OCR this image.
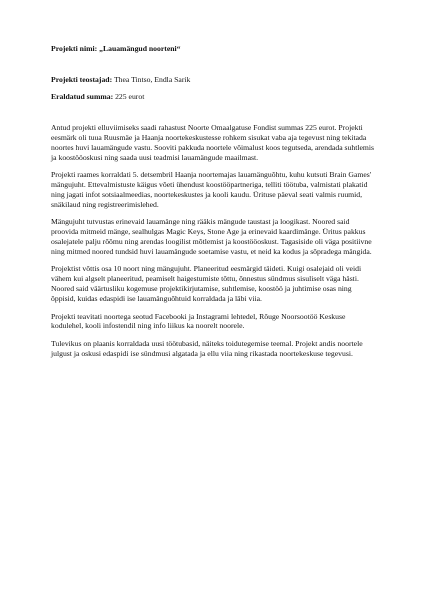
Projekti nimi: „Lauamängud noorteni“

Projekti teostajad: Thea Tintso, Endla Sarik

Eraldatud summa: 225 eurot

Antud projekti elluviimiseks saadi rahastust Noorte Omaalgatuse Fondist summas 225 eurot. Projekti eesmärk oli tuua Ruusmäe ja Haanja noortekeskustesse rohkem sisukat vaba aja tegevust ning tekitada noortes huvi lauamängude vastu. Sooviti pakkuda noortele võimalust koos tegutseda, arendada suhtlemis ja koostööoskusi ning saada uusi teadmisi lauamängude maailmast.

Projekti raames korraldati 5. detsembril Haanja noortemajas lauamänguõhtu, kuhu kutsuti Brain Games' mängujuht. Ettevalmistuste käigus võeti ühendust koostööpartneriga, telliti töötuba, valmistati plakatid ning jagati infot sotsiaalmeedias, noortekeskustes ja kooli kaudu. Ürituse päeval seati valmis ruumid, snäkilaud ning registreerimislehed.

Mängujuht tutvustas erinevaid lauamänge ning rääkis mängude taustast ja loogikast. Noored said proovida mitmeid mänge, sealhulgas Magic Keys, Stone Age ja erinevaid kaardimänge. Üritus pakkus osalejatele palju rõõmu ning arendas loogilist mõtlemist ja koostööoskust. Tagasiside oli väga positiivne ning mitmed noored tundsid huvi lauamängude soetamise vastu, et neid ka kodus ja sõpradega mängida.

Projektist võttis osa 10 noort ning mängujuht. Planeeritud eesmärgid täideti. Kuigi osalejaid oli veidi vähem kui algselt planeeritud, peamiselt haigestumiste tõttu, õnnestus sündmus sisuliselt väga hästi. Noored said väärtusliku kogemuse projektikirjutamise, suhtlemise, koostöö ja juhtimise osas ning õppisid, kuidas edaspidi ise lauamänguõhtuid korraldada ja läbi viia.

Projekti teavitati noortega seotud Facebooki ja Instagrami lehtedel, Rõuge Noorsootöö Keskuse kodulehel, kooli infostendil ning info liikus ka noorelt noorele.

Tulevikus on plaanis korraldada uusi töötubasid, näiteks toidutegemise teemal. Projekt andis noortele julgust ja oskusi edaspidi ise sündmusi algatada ja ellu viia ning rikastada noortekeskuse tegevusi.
